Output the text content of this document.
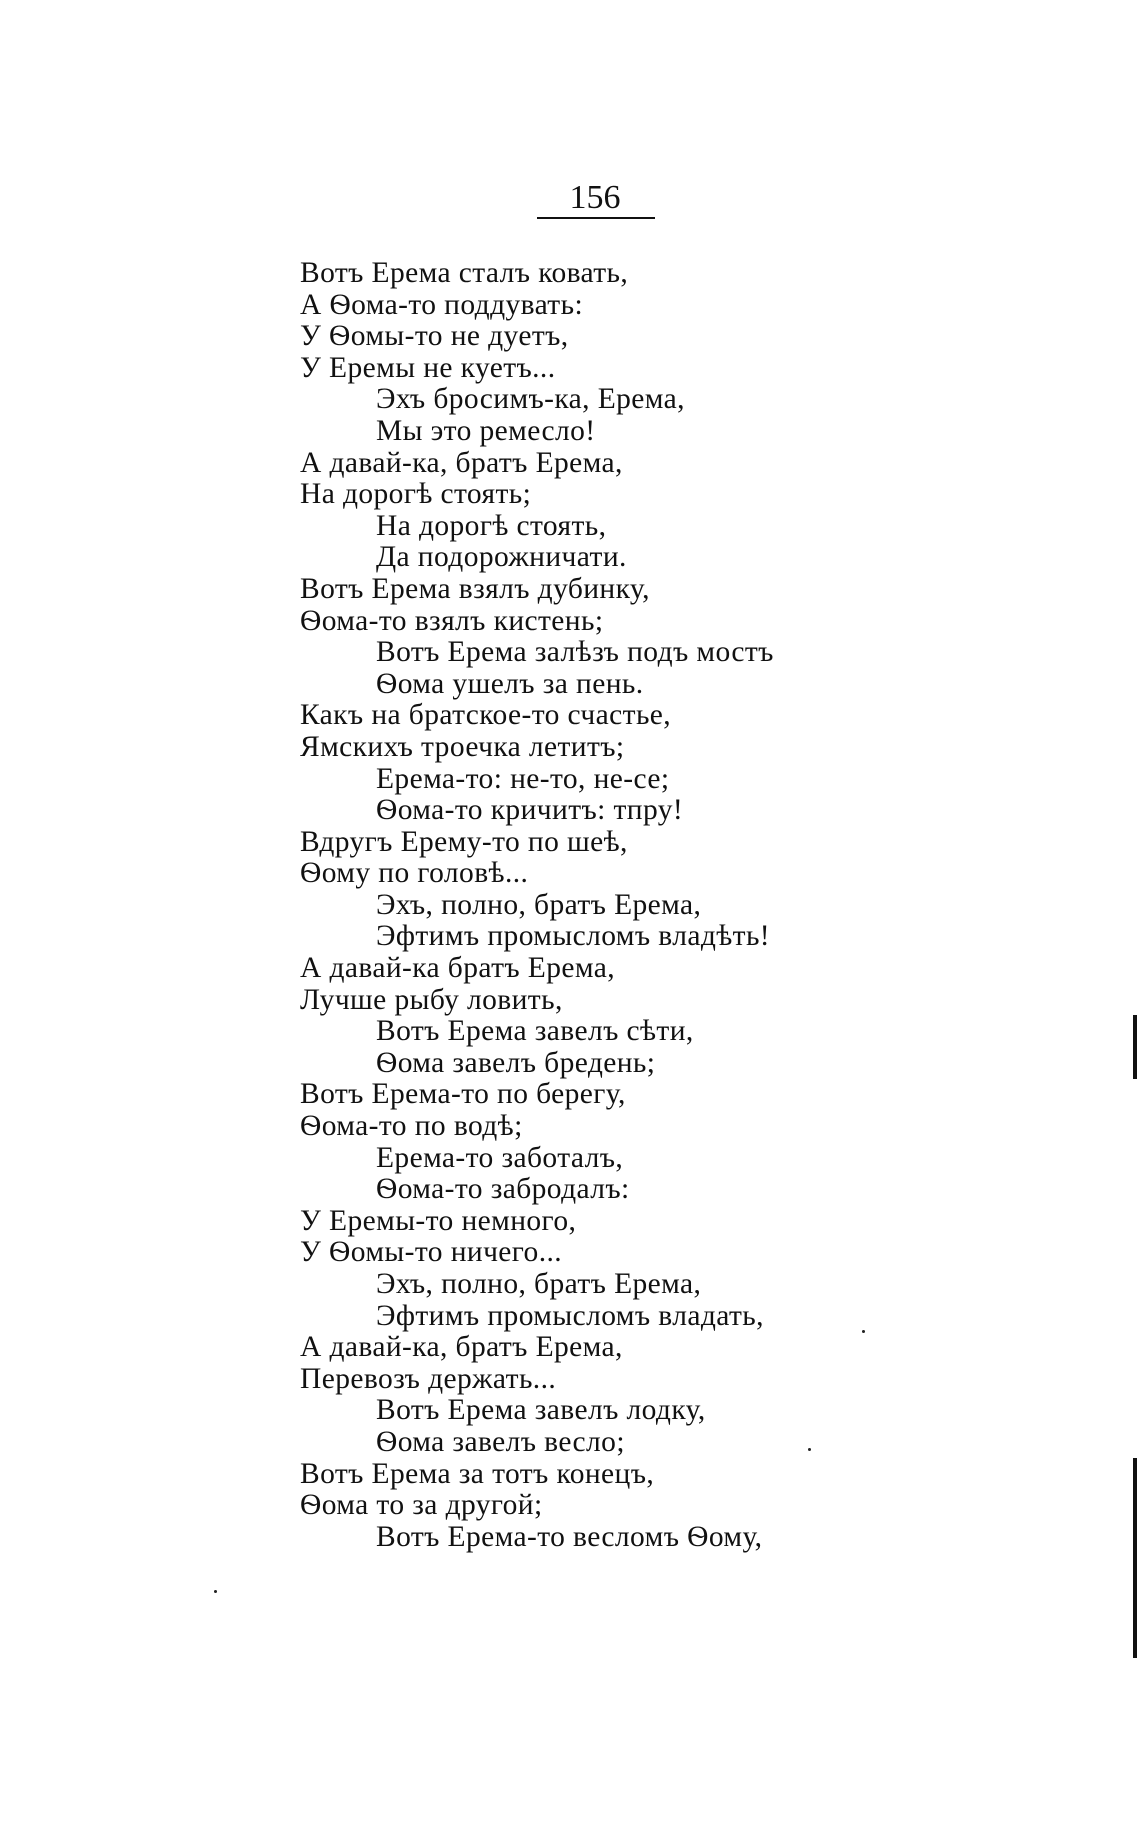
156
Вотъ Ерема сталъ ковать,
А Ѳома-то поддувать:
У Ѳомы-то не дуетъ,
У Еремы не куетъ...
Эхъ бросимъ-ка, Ерема,
Мы это ремесло!
А давай-ка, братъ Ерема,
На дорогѣ стоять;
На дорогѣ стоять,
Да подорожничати.
Вотъ Ерема взялъ дубинку,
Ѳома-то взялъ кистень;
Вотъ Ерема залѣзъ подъ мостъ
Ѳома ушелъ за пень.
Какъ на братское-то счастье,
Ямскихъ троечка летитъ;
Ерема-то: не-то, не-се;
Ѳома-то кричитъ: тпру!
Вдругъ Ерему-то по шеѣ,
Ѳому по головѣ...
Эхъ, полно, братъ Ерема,
Эфтимъ промысломъ владѣть!
А давай-ка братъ Ерема,
Лучше рыбу ловить,
Вотъ Ерема завелъ сѣти,
Ѳома завелъ бредень;
Вотъ Ерема-то по берегу,
Ѳома-то по водѣ;
Ерема-то заботалъ,
Ѳома-то забродалъ:
У Еремы-то немного,
У Ѳомы-то ничего...
Эхъ, полно, братъ Ерема,
Эфтимъ промысломъ владать,
А давай-ка, братъ Ерема,
Перевозъ держать...
Вотъ Ерема завелъ лодку,
Ѳома завелъ весло;
Вотъ Ерема за тотъ конецъ,
Ѳома то за другой;
Вотъ Ерема-то весломъ Ѳому,
